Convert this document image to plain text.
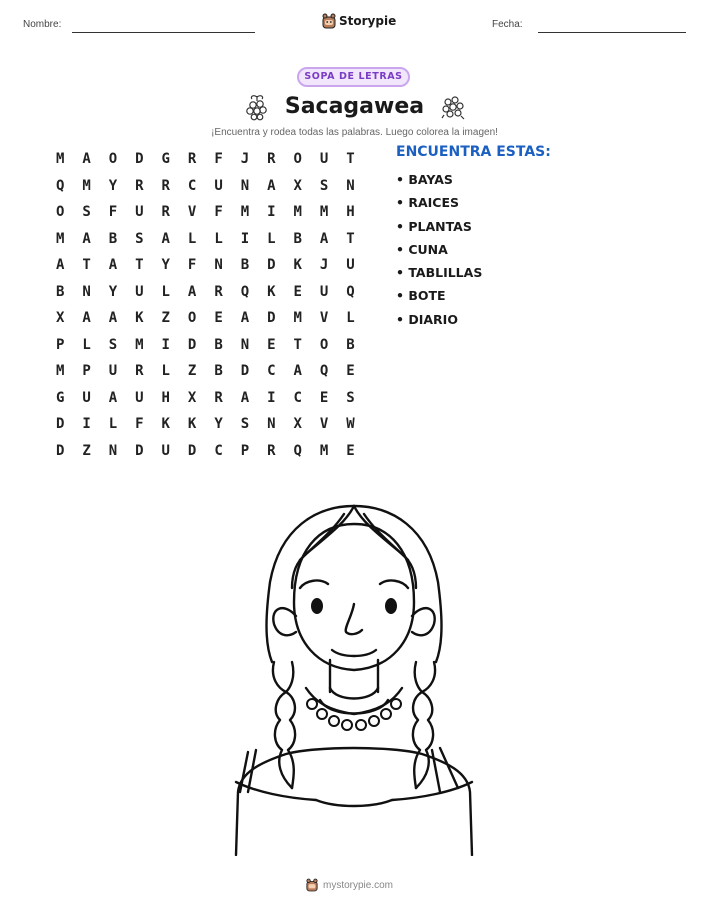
Nombre:	Storypie	Fecha:
SOPA DE LETRAS
Sacagawea
¡Encuentra y rodea todas las palabras. Luego colorea la imagen!
M	A	O	D	G	R	F	J	R	O	U	T
Q	M	Y	R	R	C	U	N	A	X	S	N
O	S	F	U	R	V	F	M	I	M	M	H
M	A	B	S	A	L	L	I	L	B	A	T
A	T	A	T	Y	F	N	B	D	K	J	U
B	N	Y	U	L	A	R	Q	K	E	U	Q
X	A	A	K	Z	O	E	A	D	M	V	L
P	L	S	M	I	D	B	N	E	T	O	B
M	P	U	R	L	Z	B	D	C	A	Q	E
G	U	A	U	H	X	R	A	I	C	E	S
D	I	L	F	K	K	Y	S	N	X	V	W
D	Z	N	D	U	D	C	P	R	Q	M	E
ENCUENTRA ESTAS:
• BAYAS
• RAICES
• PLANTAS
• CUNA
• TABLILLAS
• BOTE
• DIARIO
mystorypie.com
